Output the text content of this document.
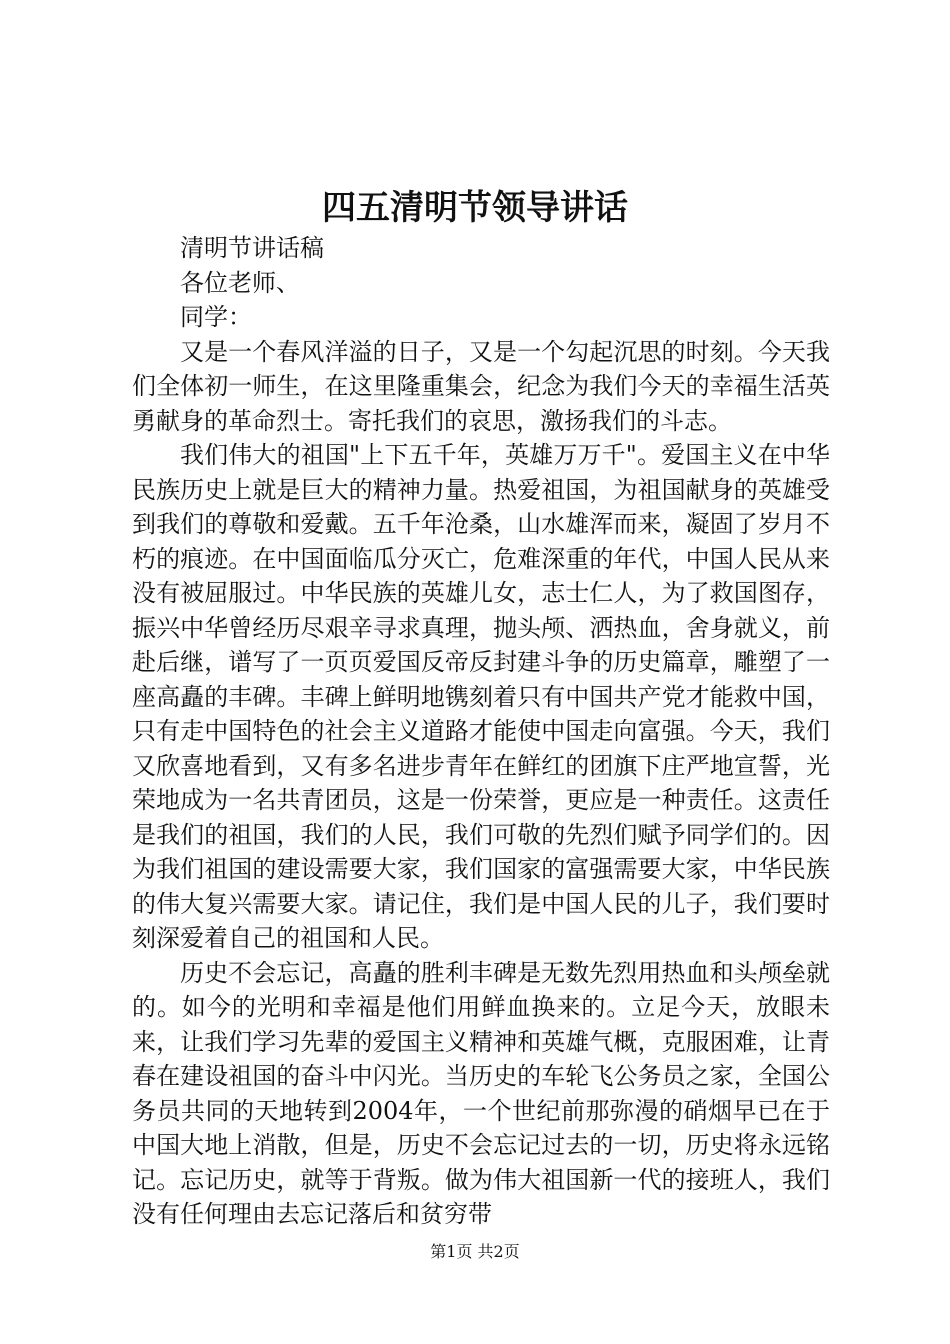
四五清明节领导讲话

清明节讲话稿

各位老师、

同学：

又是一个春风洋溢的日子，又是一个勾起沉思的时刻。今天我们全体初一师生，在这里隆重集会，纪念为我们今天的幸福生活英勇献身的革命烈士。寄托我们的哀思，激扬我们的斗志。

我们伟大的祖国"上下五千年，英雄万万千"。爱国主义在中华民族历史上就是巨大的精神力量。热爱祖国，为祖国献身的英雄受到我们的尊敬和爱戴。五千年沧桑，山水雄浑而来，凝固了岁月不朽的痕迹。在中国面临瓜分灭亡，危难深重的年代，中国人民从来没有被屈服过。中华民族的英雄儿女，志士仁人，为了救国图存，振兴中华曾经历尽艰辛寻求真理，抛头颅、洒热血，舍身就义，前赴后继，谱写了一页页爱国反帝反封建斗争的历史篇章，雕塑了一座高矗的丰碑。丰碑上鲜明地镌刻着只有中国共产党才能救中国，只有走中国特色的社会主义道路才能使中国走向富强。今天，我们又欣喜地看到，又有多名进步青年在鲜红的团旗下庄严地宣誓，光荣地成为一名共青团员，这是一份荣誉，更应是一种责任。这责任是我们的祖国，我们的人民，我们可敬的先烈们赋予同学们的。因为我们祖国的建设需要大家，我们国家的富强需要大家，中华民族的伟大复兴需要大家。请记住，我们是中国人民的儿子，我们要时刻深爱着自己的祖国和人民。

历史不会忘记，高矗的胜利丰碑是无数先烈用热血和头颅垒就的。如今的光明和幸福是他们用鲜血换来的。立足今天，放眼未来，让我们学习先辈的爱国主义精神和英雄气概，克服困难，让青春在建设祖国的奋斗中闪光。当历史的车轮飞公务员之家，全国公务员共同的天地转到2004年，一个世纪前那弥漫的硝烟早已在于中国大地上消散，但是，历史不会忘记过去的一切，历史将永远铭记。忘记历史，就等于背叛。做为伟大祖国新一代的接班人，我们没有任何理由去忘记落后和贫穷带

第1页 共2页
